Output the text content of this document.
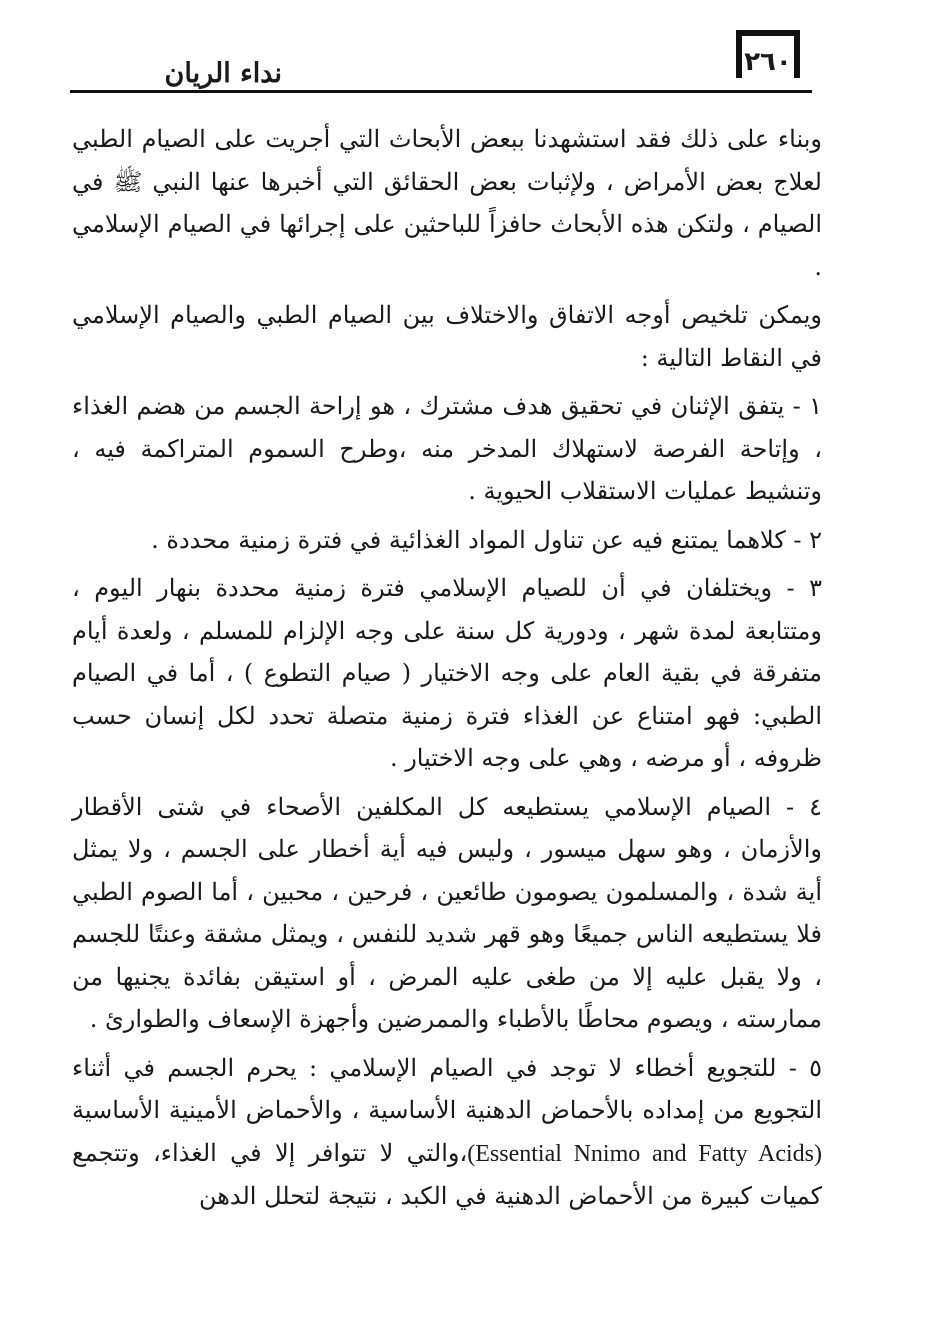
٢٦٠
نداء الريان

وبناء على ذلك فقد استشهدنا ببعض الأبحاث التي أجريت على الصيام الطبي لعلاج بعض الأمراض ، ولإثبات بعض الحقائق التي أخبرها عنها النبي ﷺ في الصيام ، ولتكن هذه الأبحاث حافزاً للباحثين على إجرائها في الصيام الإسلامي .

ويمكن تلخيص أوجه الاتفاق والاختلاف بين الصيام الطبي والصيام الإسلامي في النقاط التالية :

١ - يتفق الإثنان في تحقيق هدف مشترك ، هو إراحة الجسم من هضم الغذاء ، وإتاحة الفرصة لاستهلاك المدخر منه ،وطرح السموم المتراكمة فيه ، وتنشيط عمليات الاستقلاب الحيوية .

٢ - كلاهما يمتنع فيه عن تناول المواد الغذائية في فترة زمنية محددة .

٣ - ويختلفان في أن للصيام الإسلامي فترة زمنية محددة بنهار اليوم ، ومتتابعة لمدة شهر ، ودورية كل سنة على وجه الإلزام للمسلم ، ولعدة أيام متفرقة في بقية العام على وجه الاختيار ( صيام التطوع ) ، أما في الصيام الطبي: فهو امتناع عن الغذاء فترة زمنية متصلة تحدد لكل إنسان حسب ظروفه ، أو مرضه ، وهي على وجه الاختيار .

٤ - الصيام الإسلامي يستطيعه كل المكلفين الأصحاء في شتى الأقطار والأزمان ، وهو سهل ميسور ، وليس فيه أية أخطار على الجسم ، ولا يمثل أية شدة ، والمسلمون يصومون طائعين ، فرحين ، محبين ، أما الصوم الطبي فلا يستطيعه الناس جميعًا وهو قهر شديد للنفس ، ويمثل مشقة وعنتًا للجسم ، ولا يقبل عليه إلا من طغى عليه المرض ، أو استيقن بفائدة يجنيها من ممارسته ، ويصوم محاطًا بالأطباء والممرضين وأجهزة الإسعاف والطوارئ .

٥ - للتجويع أخطاء لا توجد في الصيام الإسلامي : يحرم الجسم في أثناء التجويع من إمداده بالأحماض الدهنية الأساسية ، والأحماض الأمينية الأساسية (Essential Nnimo and Fatty Acids)،والتي لا تتوافر إلا في الغذاء، وتتجمع كميات كبيرة من الأحماض الدهنية في الكبد ، نتيجة لتحلل الدهن
